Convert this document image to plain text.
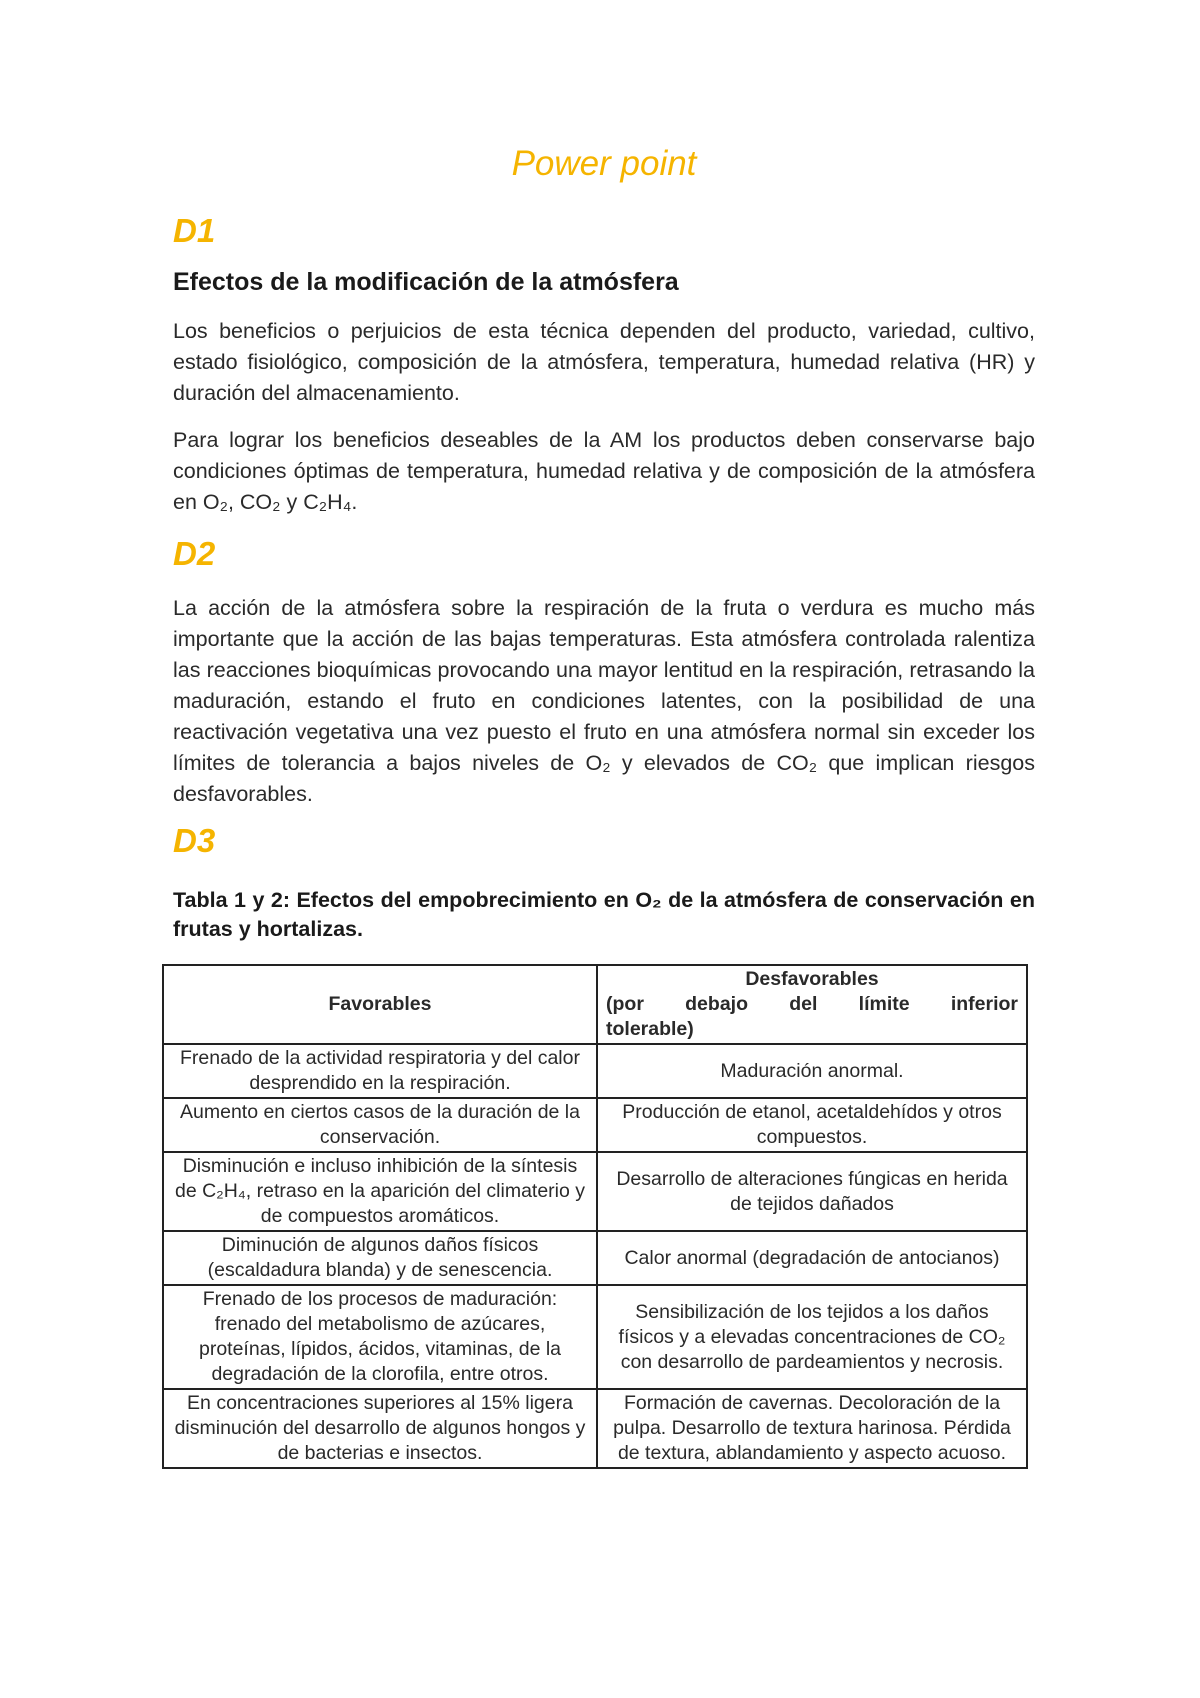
Power point
D1
Efectos de la modificación de la atmósfera

Los beneficios o perjuicios de esta técnica dependen del producto, variedad, cultivo, estado fisiológico, composición de la atmósfera, temperatura, humedad relativa (HR) y duración del almacenamiento.

Para lograr los beneficios deseables de la AM los productos deben conservarse bajo condiciones óptimas de temperatura, humedad relativa y de composición de la atmósfera en O₂, CO₂ y C₂H₄.

D2

La acción de la atmósfera sobre la respiración de la fruta o verdura es mucho más importante que la acción de las bajas temperaturas. Esta atmósfera controlada ralentiza las reacciones bioquímicas provocando una mayor lentitud en la respiración, retrasando la maduración, estando el fruto en condiciones latentes, con la posibilidad de una reactivación vegetativa una vez puesto el fruto en una atmósfera normal sin exceder los límites de tolerancia a bajos niveles de O₂ y elevados de CO₂ que implican riesgos desfavorables.

D3

Tabla 1 y 2: Efectos del empobrecimiento en O₂ de la atmósfera de conservación en frutas y hortalizas.

Favorables	Desfavorables
(por debajo del límite inferior
tolerable)

Frenado de la actividad respiratoria y del calor desprendido en la respiración.	Maduración anormal.
Aumento en ciertos casos de la duración de la conservación.	Producción de etanol, acetaldehídos y otros compuestos.
Disminución e incluso inhibición de la síntesis de C₂H₄, retraso en la aparición del climaterio y de compuestos aromáticos.	Desarrollo de alteraciones fúngicas en herida de tejidos dañados
Diminución de algunos daños físicos (escaldadura blanda) y de senescencia.	Calor anormal (degradación de antocianos)
Frenado de los procesos de maduración: frenado del metabolismo de azúcares, proteínas, lípidos, ácidos, vitaminas, de la degradación de la clorofila, entre otros.	Sensibilización de los tejidos a los daños físicos y a elevadas concentraciones de CO₂ con desarrollo de pardeamientos y necrosis.
En concentraciones superiores al 15% ligera disminución del desarrollo de algunos hongos y de bacterias e insectos.	Formación de cavernas. Decoloración de la pulpa. Desarrollo de textura harinosa. Pérdida de textura, ablandamiento y aspecto acuoso.
